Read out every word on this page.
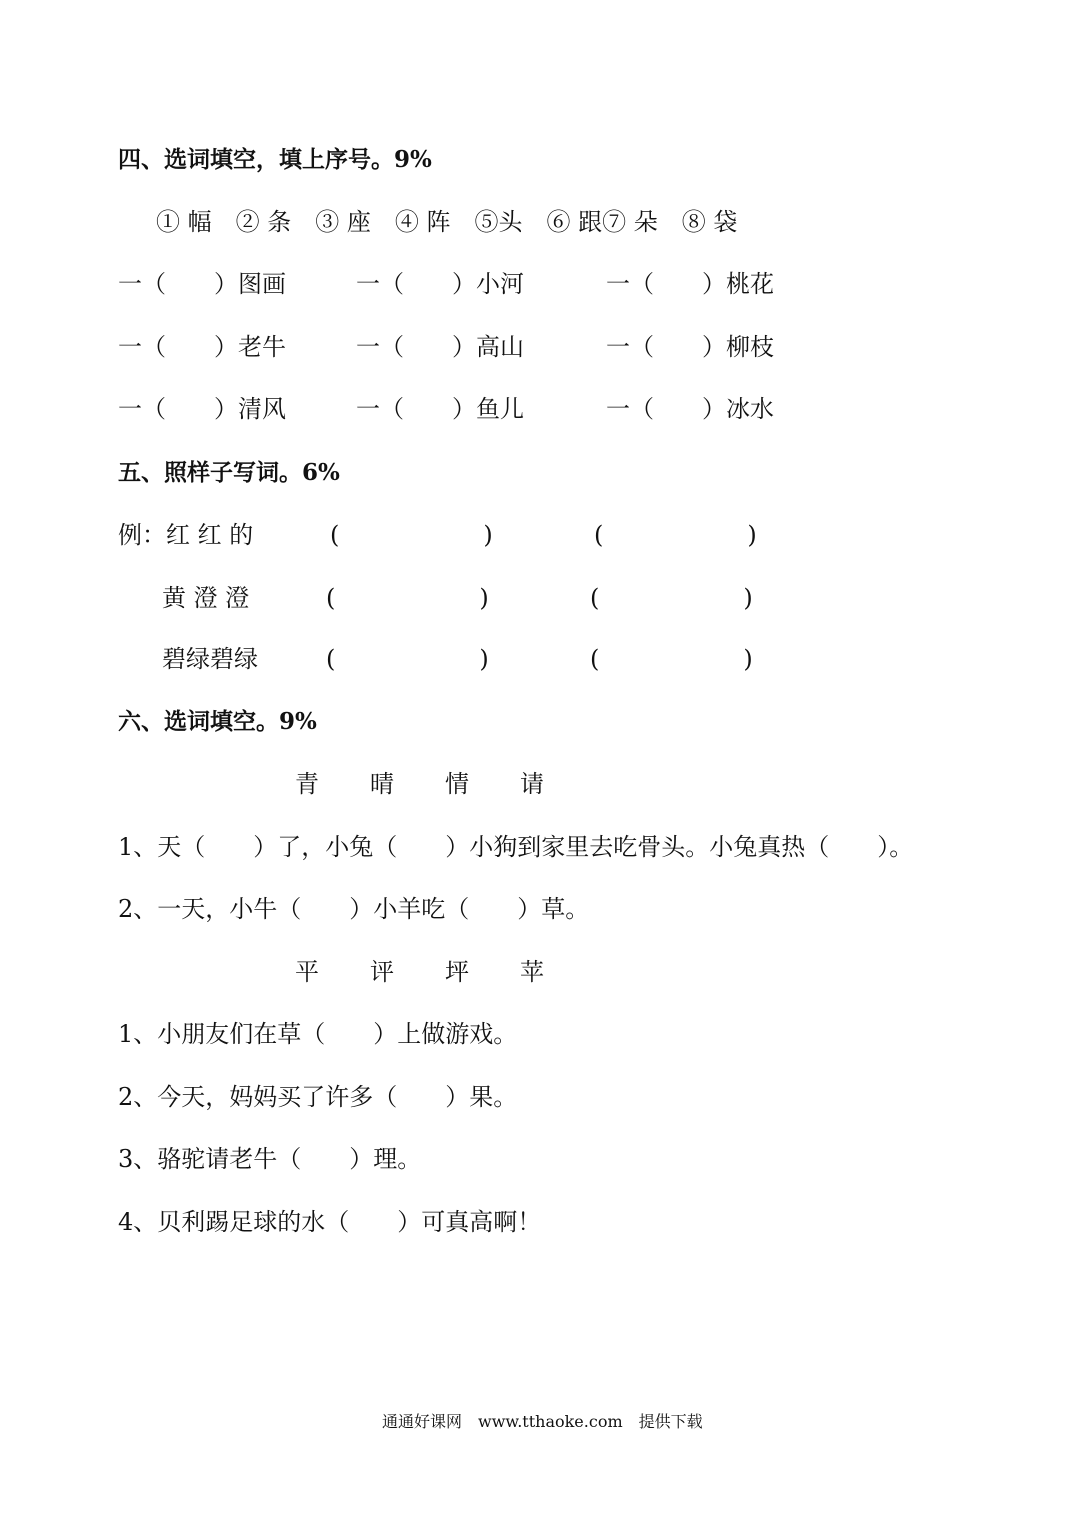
四、选词填空，填上序号。9%
① 幅　② 条　③ 座　④ 阵　⑤头　⑥ 跟⑦ 朵　⑧ 袋
一（　　）图画	一（　　）小河	一（　　）桃花
一（　　）老牛	一（　　）高山	一（　　）柳枝
一（　　）清风	一（　　）鱼儿	一（　　）冰水
五、照样子写词。6%
例：红 红 的	(　　　　　　)	(　　　　　　)
黄 澄 澄	(　　　　　　)	(　　　　　　)
碧绿碧绿	(　　　　　　)	(　　　　　　)
六、选词填空。9%
青 晴 情 请
1、天（　　）了，小兔（　　）小狗到家里去吃骨头。小兔真热（　　）。
2、一天，小牛（　　）小羊吃（　　）草。
平 评 坪 苹
1、小朋友们在草（　　）上做游戏。
2、今天，妈妈买了许多（　　）果。
3、骆驼请老牛（　　）理。
4、贝利踢足球的水（　　）可真高啊！
通通好课网　www.tthaoke.com　提供下载
